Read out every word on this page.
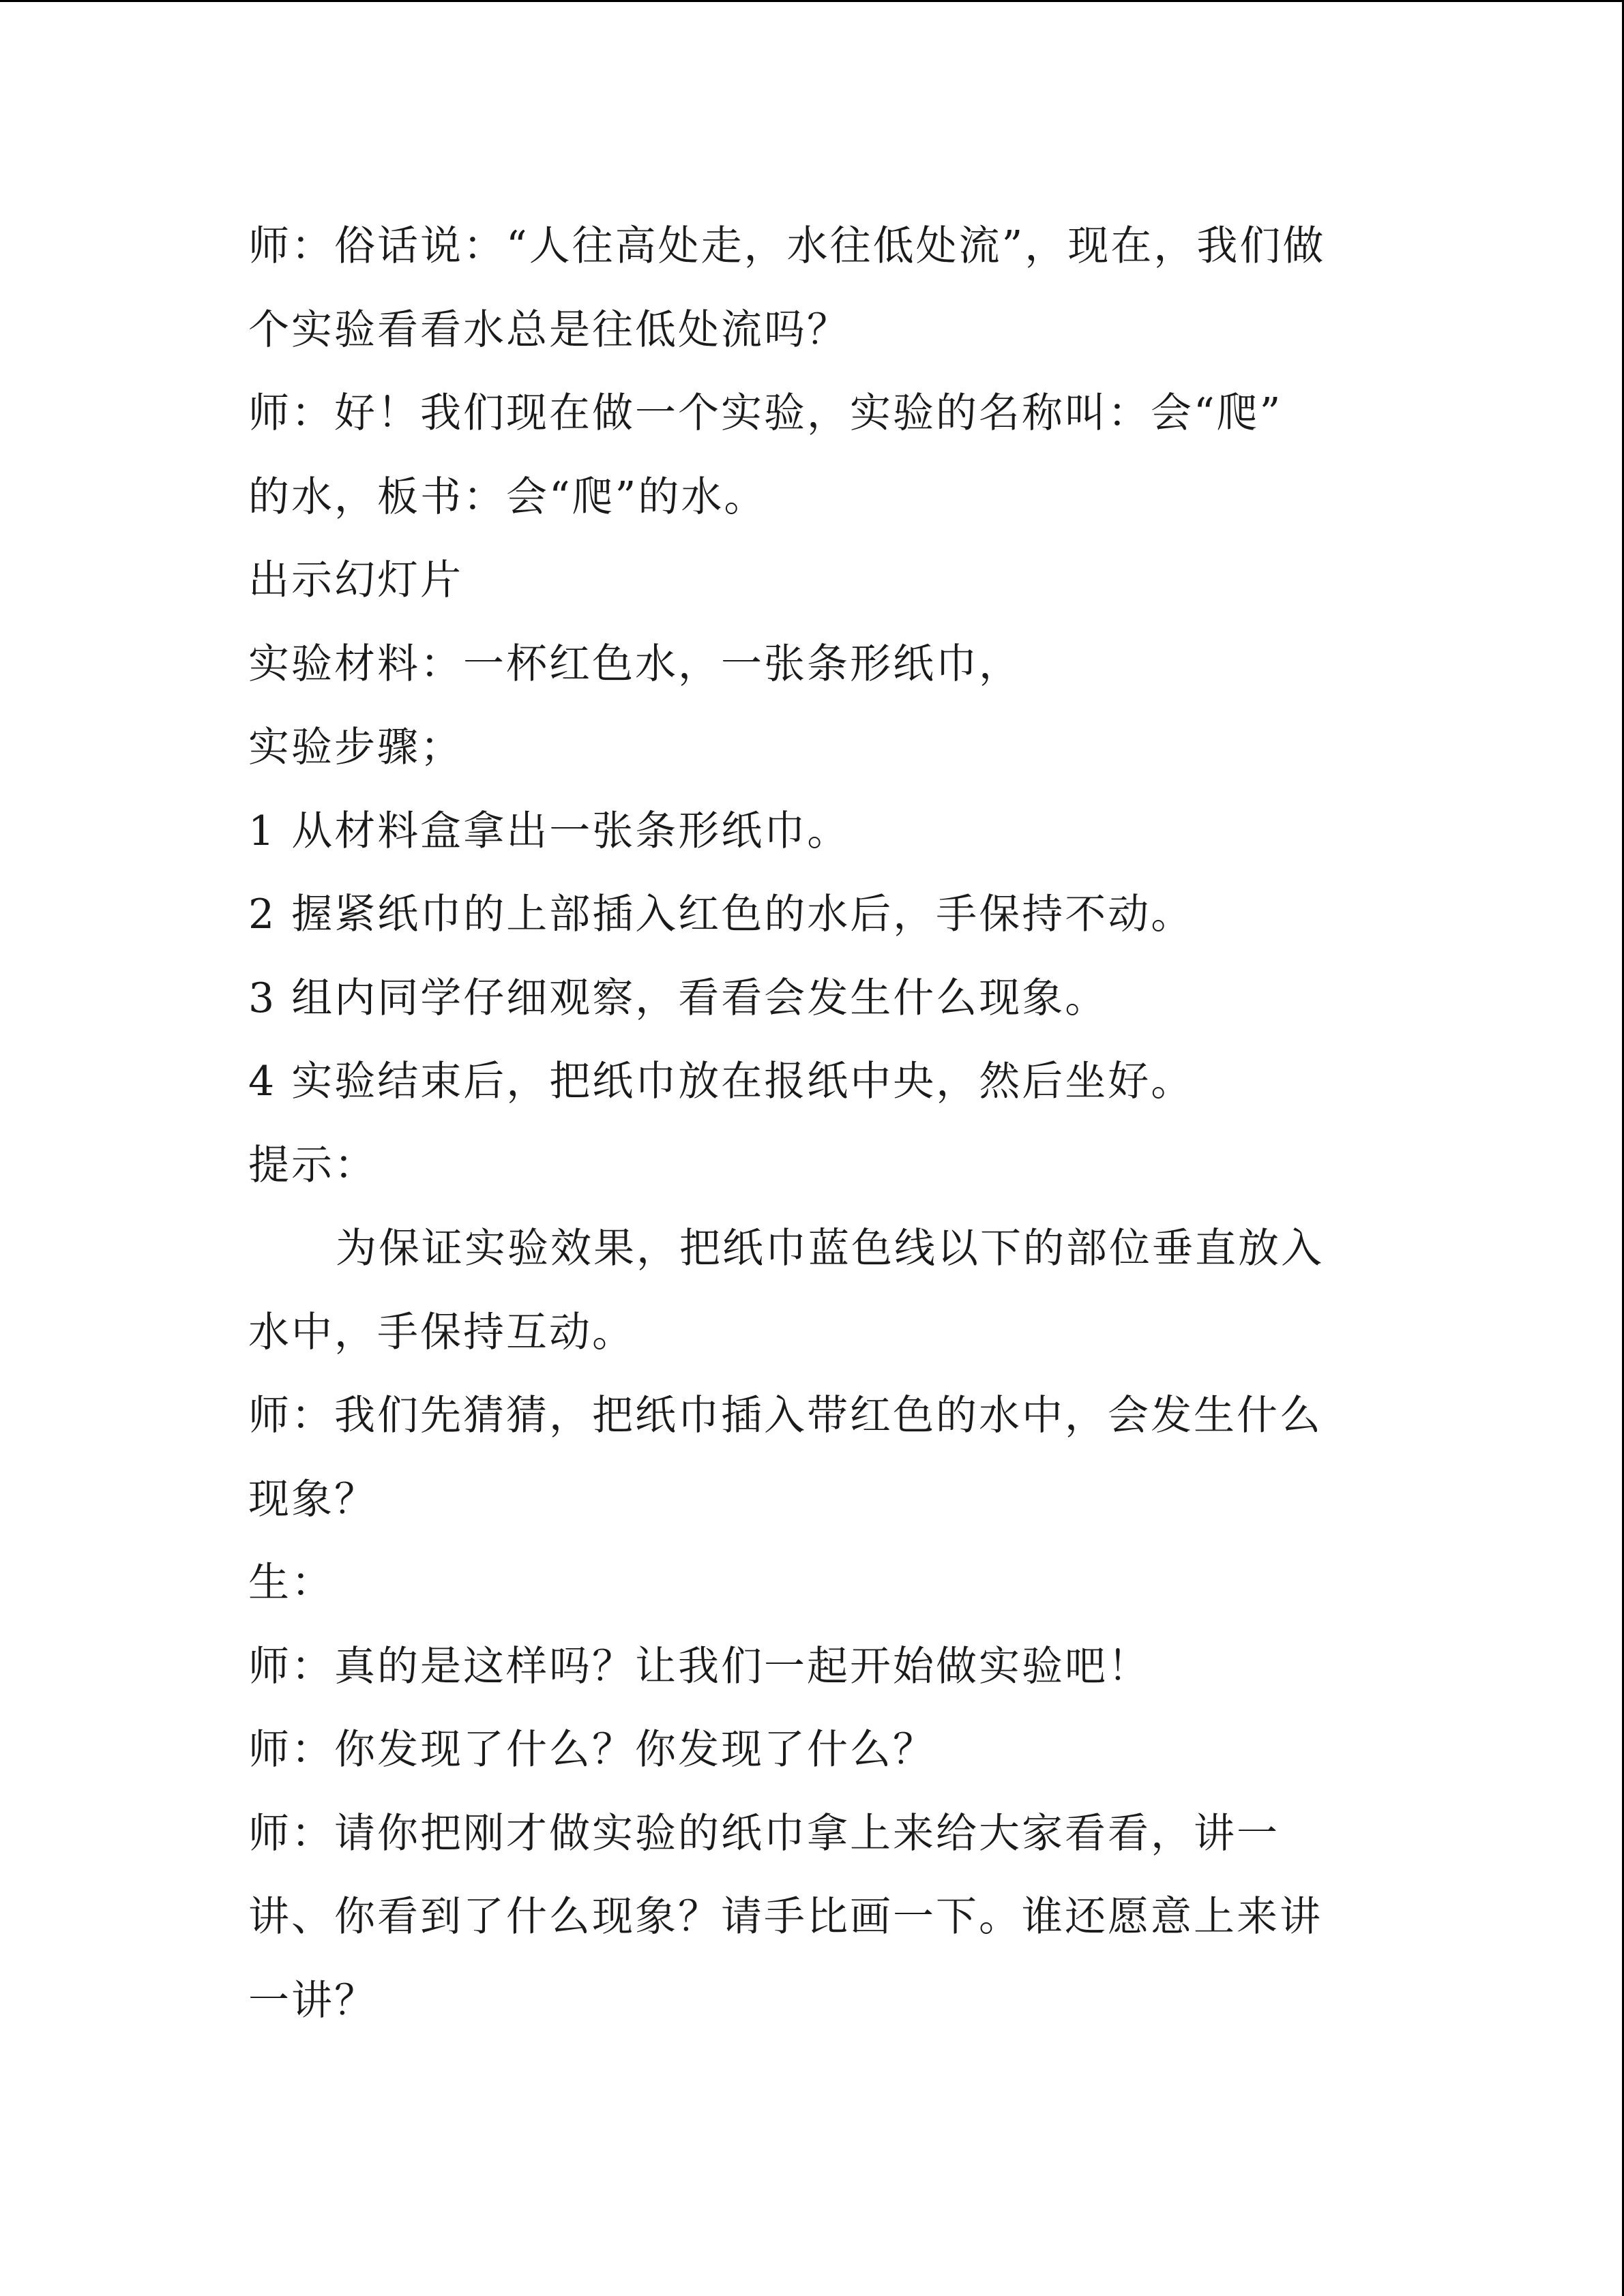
师：俗话说：“人往高处走，水往低处流”，现在，我们做
个实验看看水总是往低处流吗？
师：好！我们现在做一个实验，实验的名称叫：会“爬”
的水，板书：会“爬”的水。
出示幻灯片
实验材料：一杯红色水，一张条形纸巾，
实验步骤；
1 从材料盒拿出一张条形纸巾。
2 握紧纸巾的上部插入红色的水后，手保持不动。
3 组内同学仔细观察，看看会发生什么现象。
4 实验结束后，把纸巾放在报纸中央，然后坐好。
提示：
为保证实验效果，把纸巾蓝色线以下的部位垂直放入
水中，手保持互动。
师：我们先猜猜，把纸巾插入带红色的水中，会发生什么
现象？
生：
师：真的是这样吗？让我们一起开始做实验吧！
师：你发现了什么？你发现了什么？
师：请你把刚才做实验的纸巾拿上来给大家看看，讲一
讲、你看到了什么现象？请手比画一下。谁还愿意上来讲
一讲？
